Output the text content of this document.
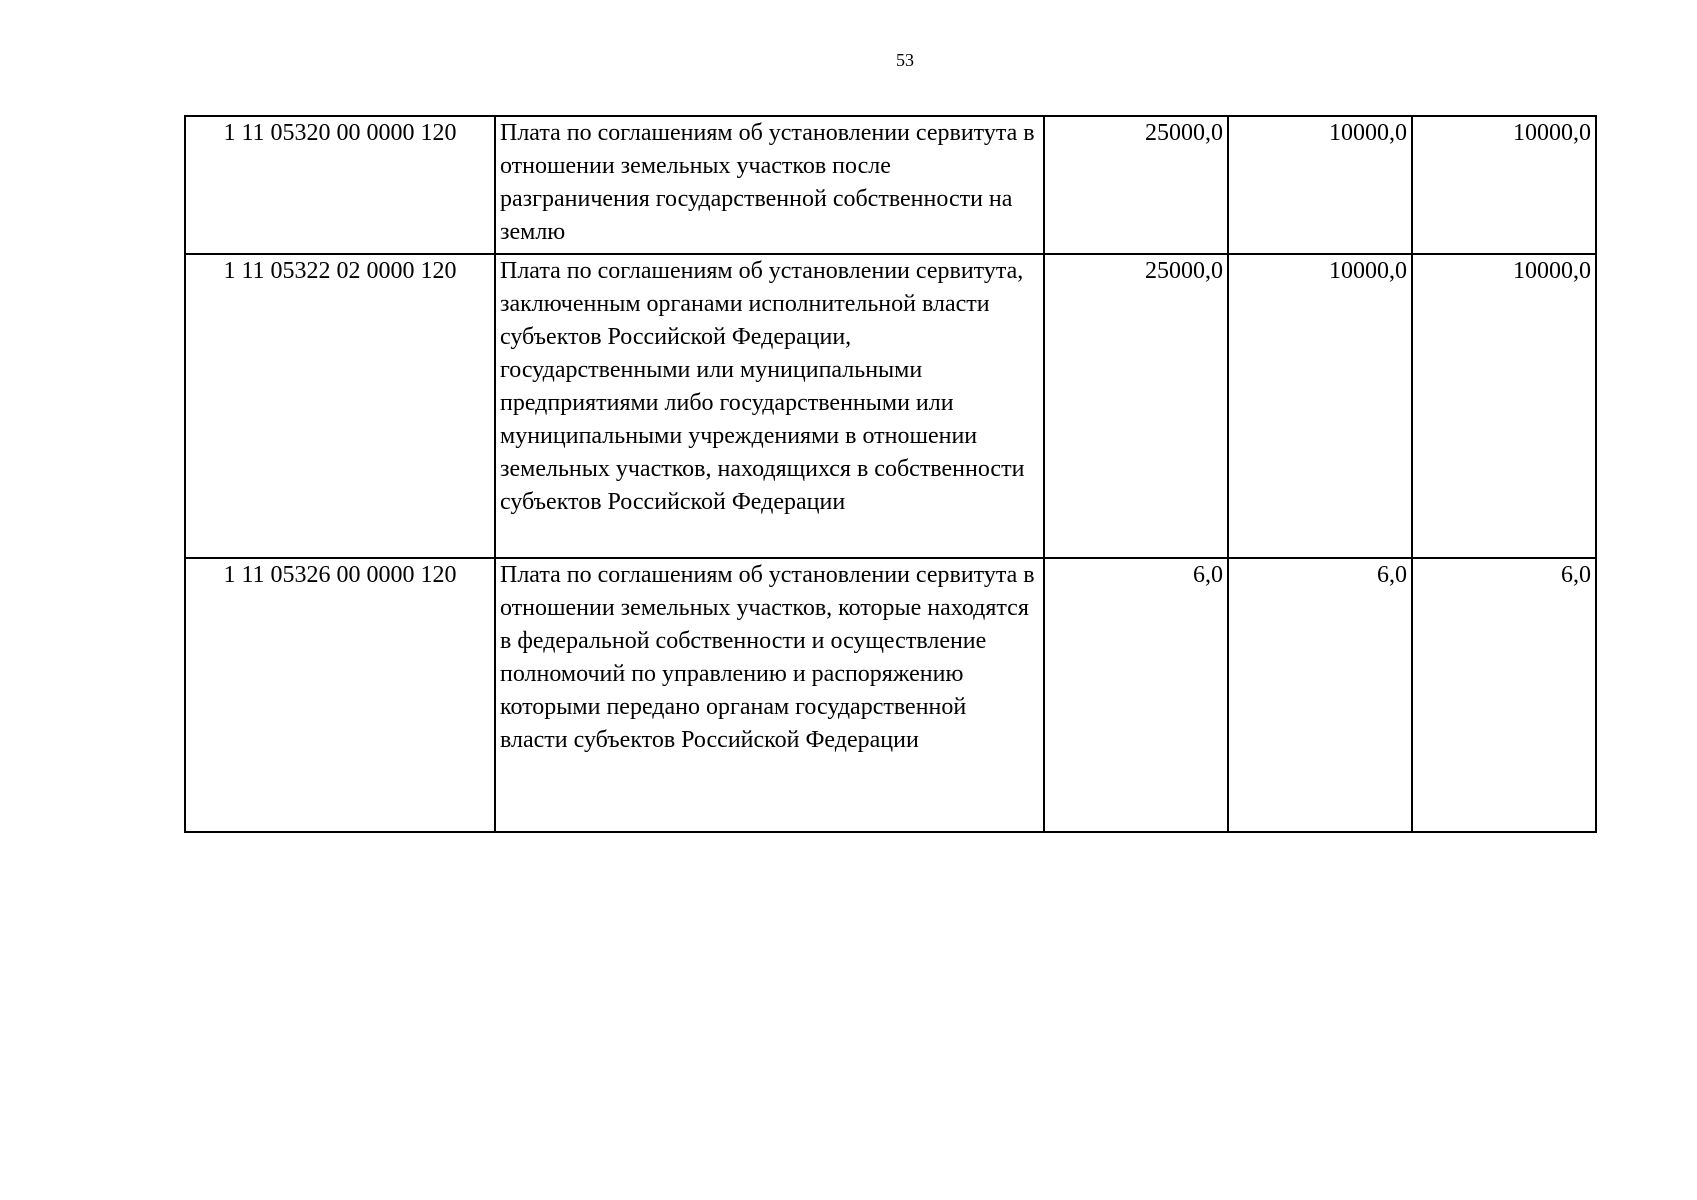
53
1 11 05320 00 0000 120	Плата по соглашениям об установлении сервитута в отношении земельных участков после разграничения государственной собственности на землю	25000,0	10000,0	10000,0
1 11 05322 02 0000 120	Плата по соглашениям об установлении сервитута, заключенным органами исполнительной власти субъектов Российской Федерации, государственными или муниципальными предприятиями либо государственными или муниципальными учреждениями в отношении земельных участков, находящихся в собственности субъектов Российской Федерации	25000,0	10000,0	10000,0
1 11 05326 00 0000 120	Плата по соглашениям об установлении сервитута в отношении земельных участков, которые находятся в федеральной собственности и осуществление полномочий по управлению и распоряжению которыми передано органам государственной власти субъектов Российской Федерации	6,0	6,0	6,0
